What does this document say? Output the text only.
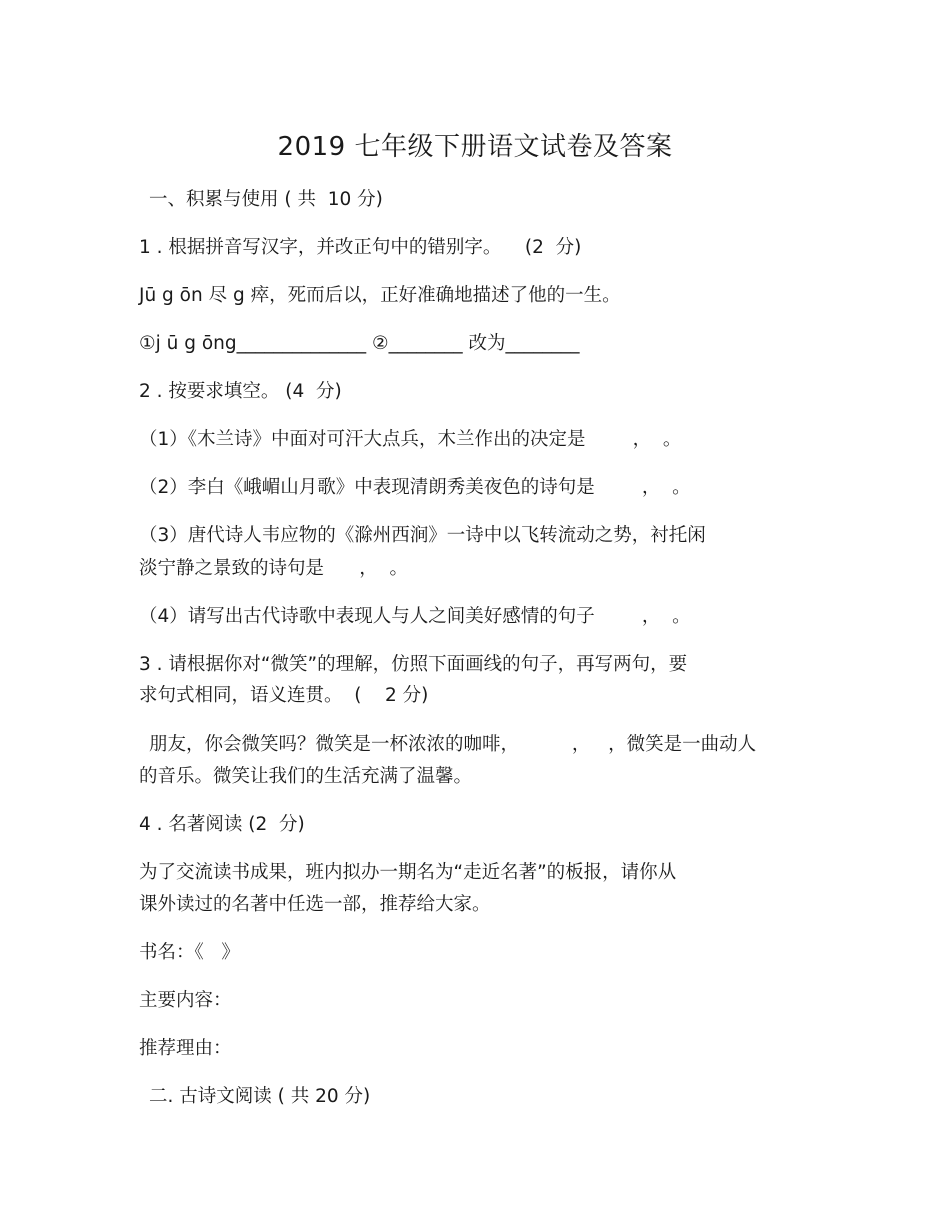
2019 七年级下册语文试卷及答案
一、积累与使用 ( 共  10 分)
1 . 根据拼音写汉字，并改正句中的错别字。    (2  分)
Jū g ōn 尽 g 瘁，死而后以，正好准确地描述了他的一生。
①j ū g ōng______________ ②________ 改为________
2 . 按要求填空。 (4  分)
（1）《木兰诗》中面对可汗大点兵，木兰作出的决定是        ，  。
（2）李白《峨嵋山月歌》中表现清朗秀美夜色的诗句是        ，  。
（3）唐代诗人韦应物的《滁州西涧》一诗中以飞转流动之势，衬托闲
淡宁静之景致的诗句是      ，  。
（4）请写出古代诗歌中表现人与人之间美好感情的句子        ，  。
3 . 请根据你对“微笑”的理解，仿照下面画线的句子，再写两句，要
求句式相同，语义连贯。  (    2 分)
朋友，你会微笑吗？微笑是一杯浓浓的咖啡，         ，   ，微笑是一曲动人
的音乐。微笑让我们的生活充满了温馨。
4 . 名著阅读 (2  分)
为了交流读书成果，班内拟办一期名为“走近名著”的板报，请你从
课外读过的名著中任选一部，推荐给大家。
书名：《   》
主要内容：
推荐理由：
二. 古诗文阅读 ( 共 20 分)
